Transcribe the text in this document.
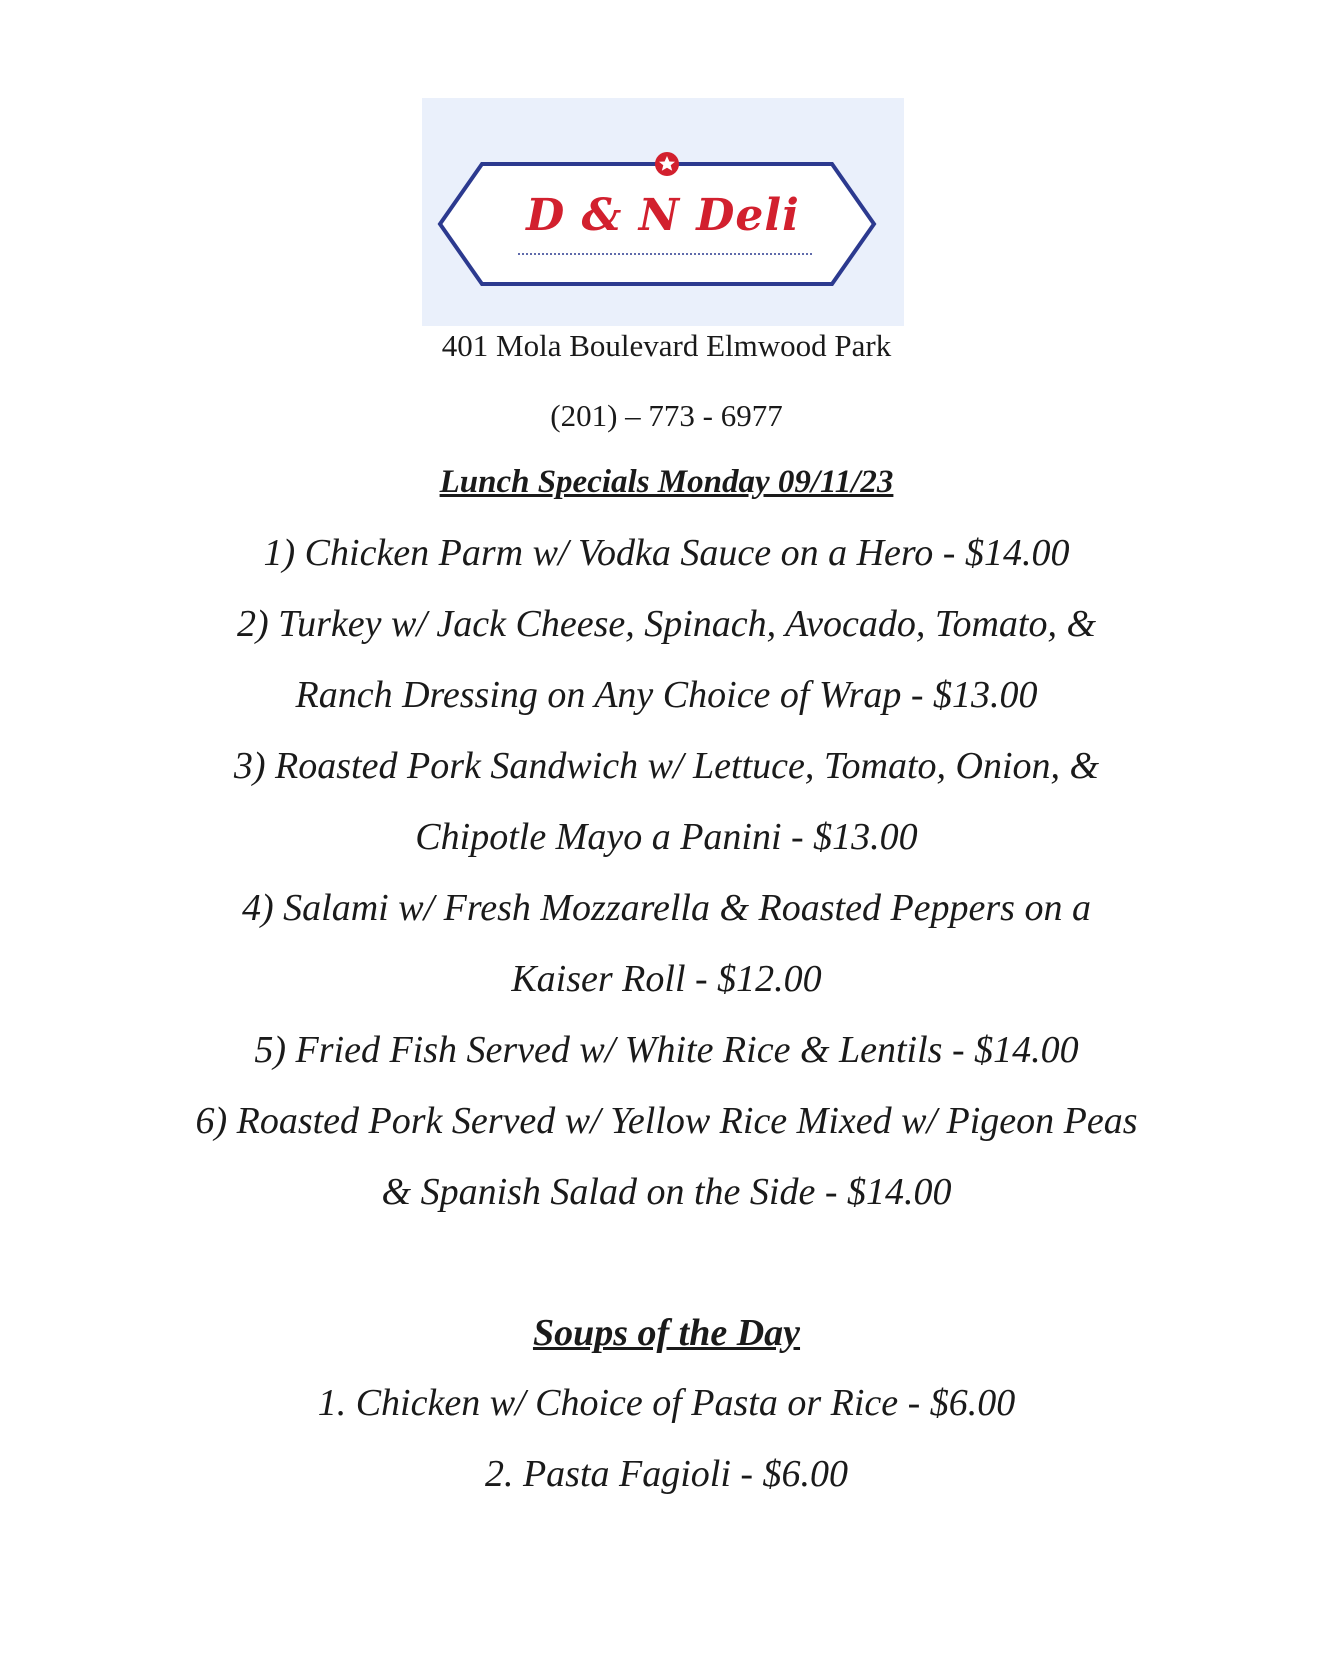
D & N Deli
401 Mola Boulevard Elmwood Park
(201) – 773 - 6977
Lunch Specials Monday 09/11/23
1) Chicken Parm w/ Vodka Sauce on a Hero - $14.00
2) Turkey w/ Jack Cheese, Spinach, Avocado, Tomato, &
Ranch Dressing on Any Choice of Wrap - $13.00
3) Roasted Pork Sandwich w/ Lettuce, Tomato, Onion, &
Chipotle Mayo a Panini - $13.00
4) Salami w/ Fresh Mozzarella & Roasted Peppers on a
Kaiser Roll - $12.00
5) Fried Fish Served w/ White Rice & Lentils - $14.00
6) Roasted Pork Served w/ Yellow Rice Mixed w/ Pigeon Peas
& Spanish Salad on the Side - $14.00
Soups of the Day
1. Chicken w/ Choice of Pasta or Rice - $6.00
2. Pasta Fagioli - $6.00
